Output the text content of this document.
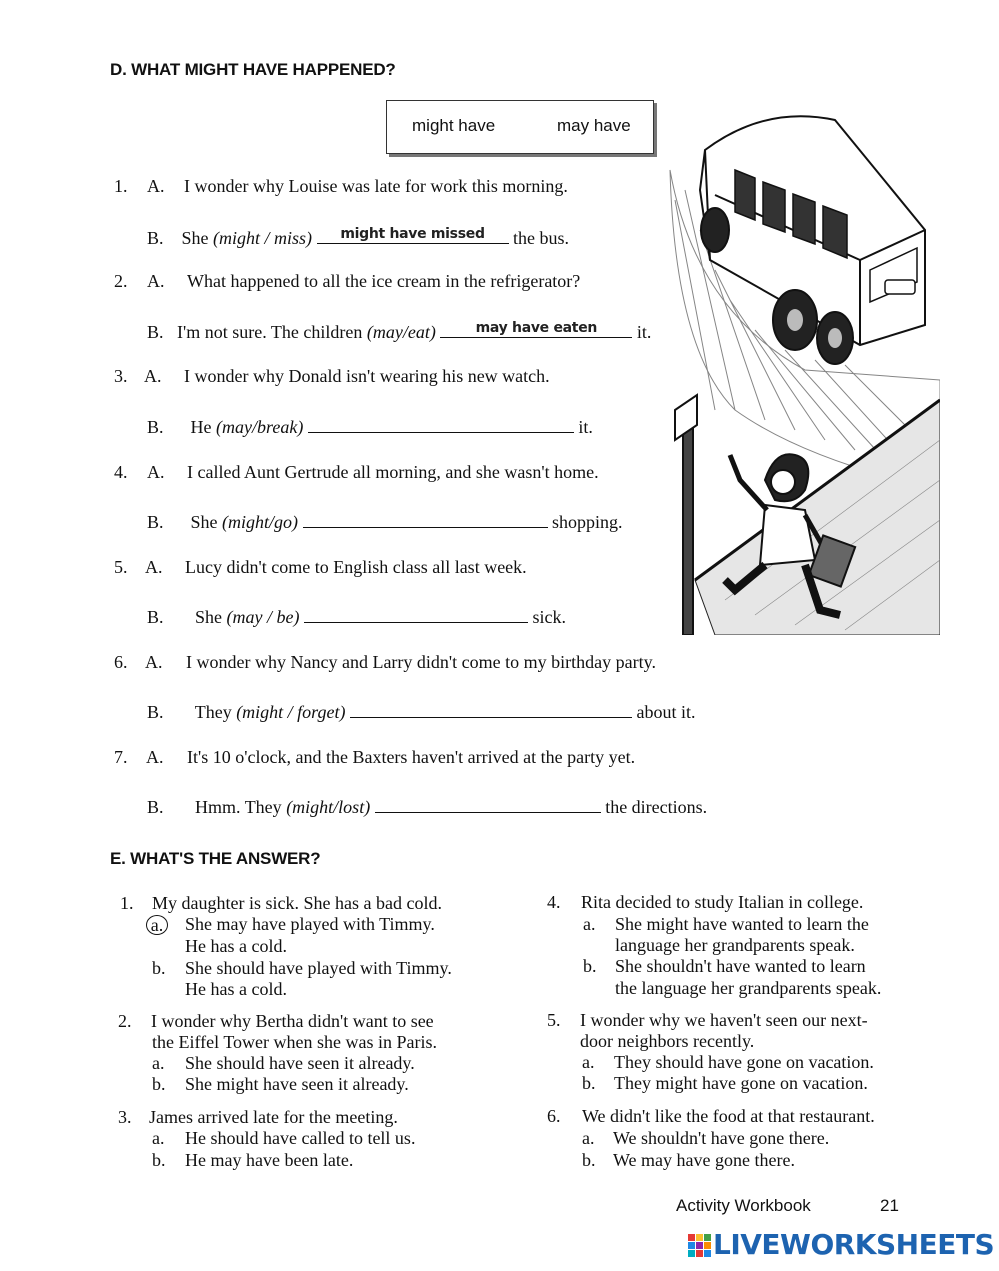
D. WHAT MIGHT HAVE HAPPENED?
might have	may have
1. A. I wonder why Louise was late for work this morning.
B. She (might / miss)	might have missed	the bus.
2. A. What happened to all the ice cream in the refrigerator?
B. I'm not sure. The children (may/eat)	may have eaten	it.
3. A. I wonder why Donald isn't wearing his new watch.
B. He (may/break)	it.
4. A. I called Aunt Gertrude all morning, and she wasn't home.
B. She (might/go)	shopping.
5. A. Lucy didn't come to English class all last week.
B. She (may / be)	sick.
6. A. I wonder why Nancy and Larry didn't come to my birthday party.
B. They (might / forget)	about it.
7. A. It's 10 o'clock, and the Baxters haven't arrived at the party yet.
B. Hmm. They (might/lost)	the directions.
E. WHAT'S THE ANSWER?
1. My daughter is sick. She has a bad cold.
a. She may have played with Timmy.
He has a cold.
b. She should have played with Timmy.
He has a cold.
2. I wonder why Bertha didn't want to see
the Eiffel Tower when she was in Paris.
a. She should have seen it already.
b. She might have seen it already.
3. James arrived late for the meeting.
a. He should have called to tell us.
b. He may have been late.
4. Rita decided to study Italian in college.
a. She might have wanted to learn the
language her grandparents speak.
b. She shouldn't have wanted to learn
the language her grandparents speak.
5. I wonder why we haven't seen our next-
door neighbors recently.
a. They should have gone on vacation.
b. They might have gone on vacation.
6. We didn't like the food at that restaurant.
a. We shouldn't have gone there.
b. We may have gone there.
Activity Workbook	21
LIVEWORKSHEETS
